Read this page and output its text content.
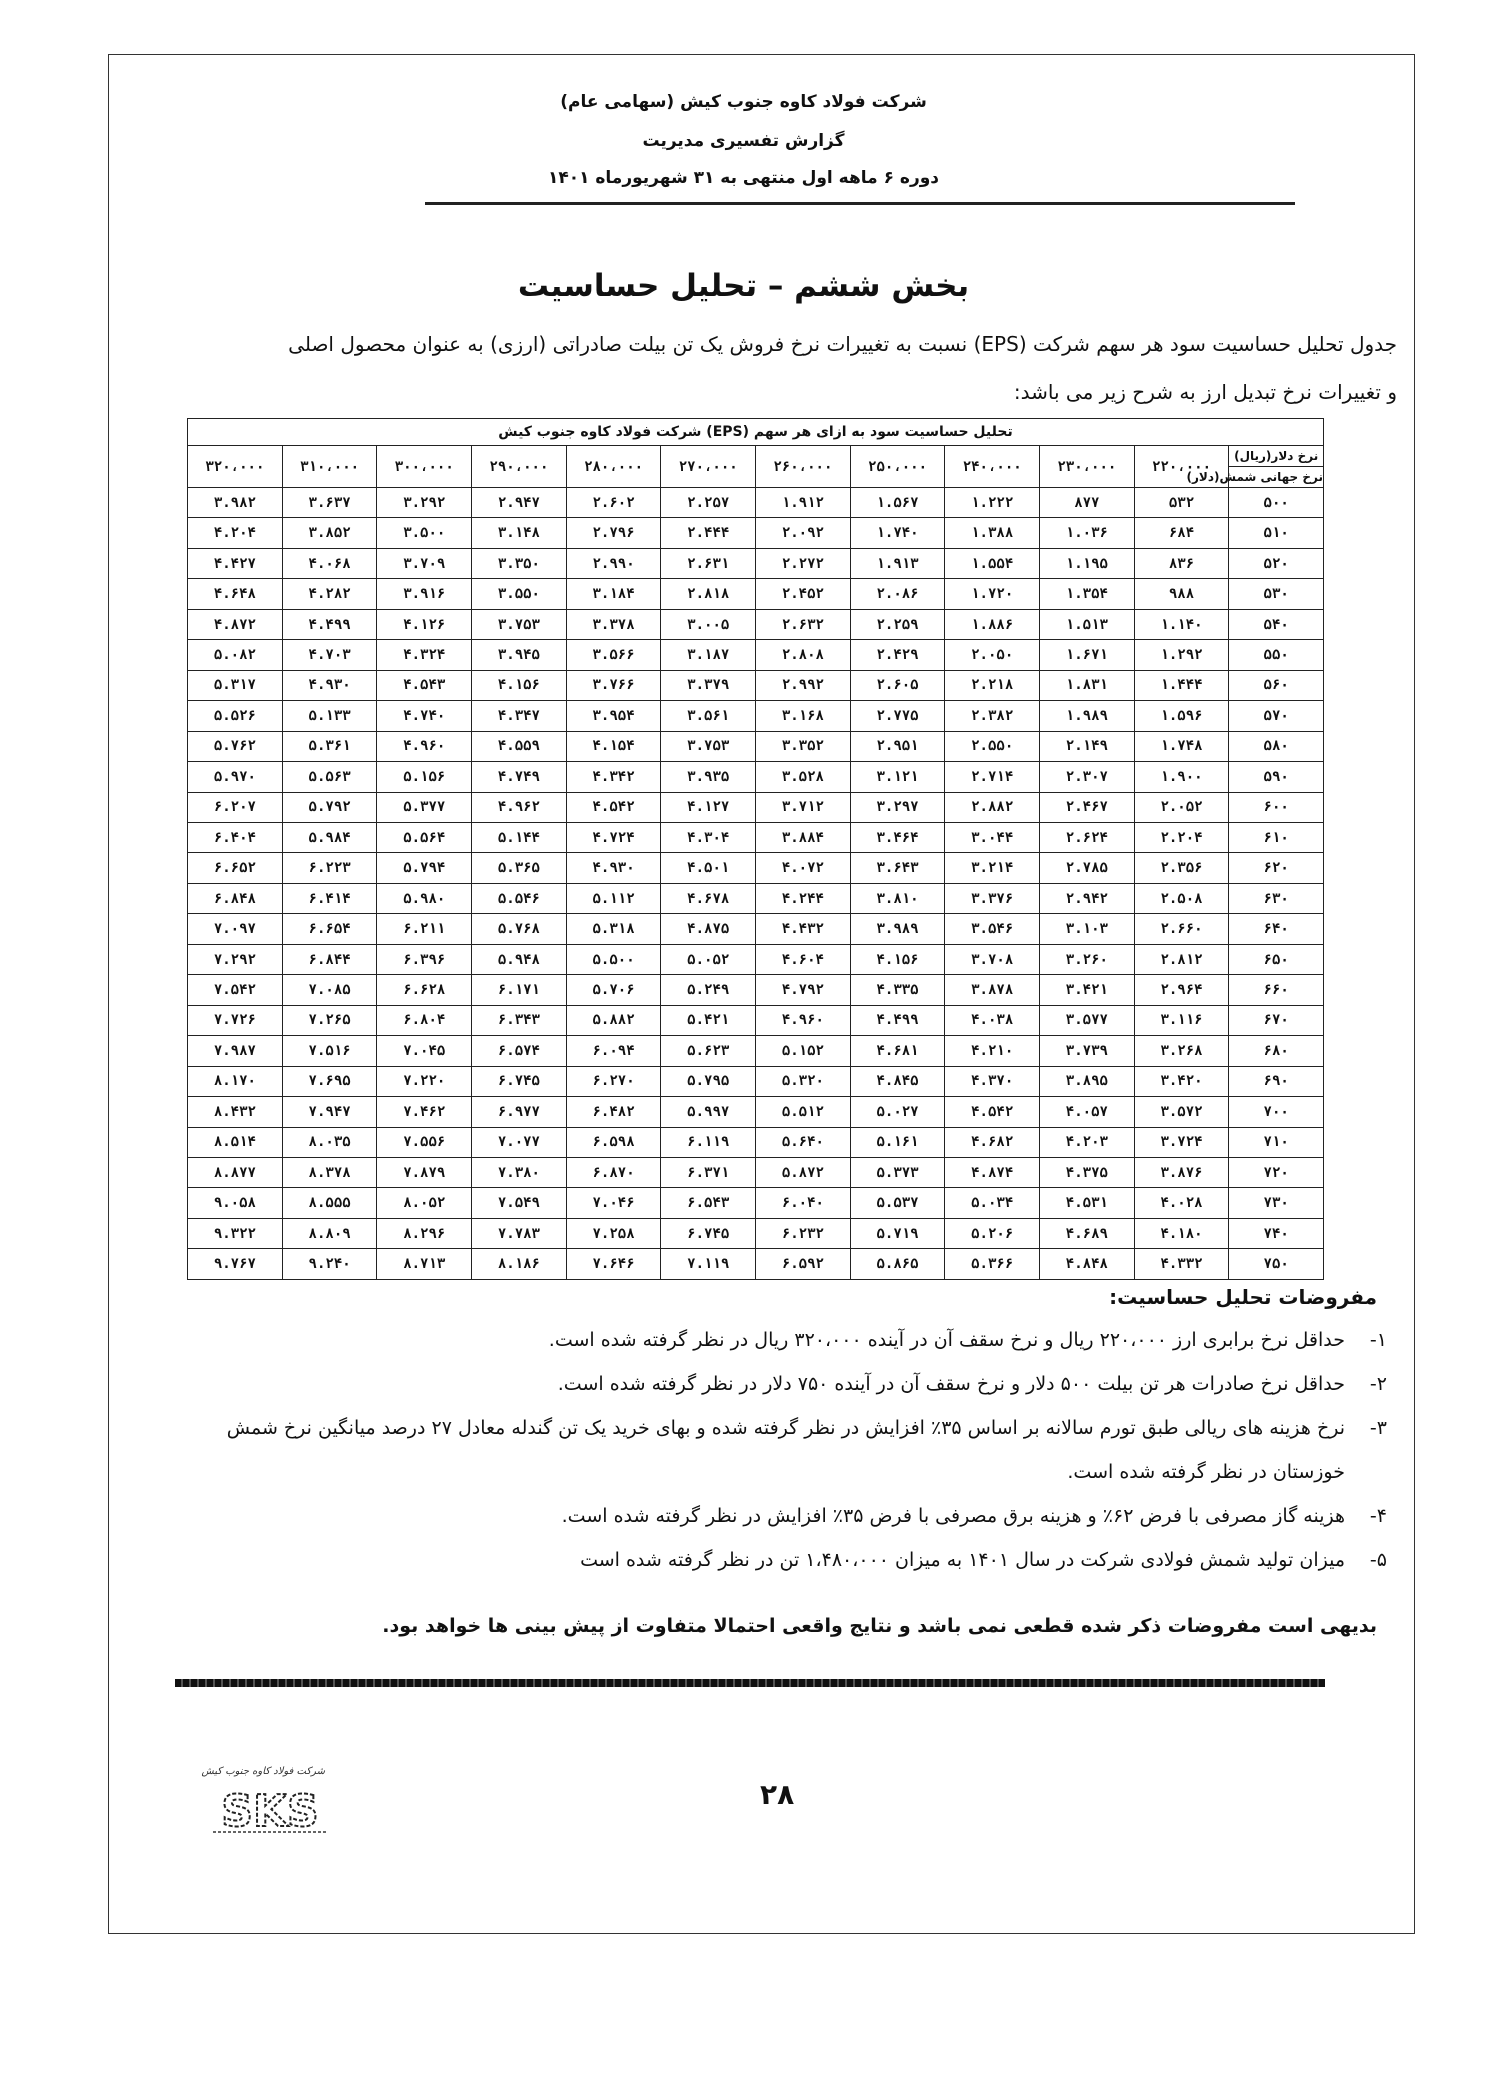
شرکت فولاد کاوه جنوب کیش (سهامی عام)
گزارش تفسیری مدیریت
دوره ۶ ماهه اول منتهی به ۳۱ شهریورماه ۱۴۰۱
بخش ششم – تحلیل حساسیت
جدول تحلیل حساسیت سود هر سهم شرکت (EPS) نسبت به تغییرات نرخ فروش یک تن بیلت صادراتی (ارزی) به عنوان محصول اصلی
و تغییرات نرخ تبدیل ارز به شرح زیر می باشد:
تحلیل حساسیت سود به ازای هر سهم (EPS) شرکت فولاد کاوه جنوب کیش											

نرخ دلار(ریال)
نرخ جهانی شمش(دلار)	۲۲۰،۰۰۰	۲۳۰،۰۰۰	۲۴۰،۰۰۰	۲۵۰،۰۰۰	۲۶۰،۰۰۰	۲۷۰،۰۰۰	۲۸۰،۰۰۰	۲۹۰،۰۰۰	۳۰۰،۰۰۰	۳۱۰،۰۰۰	۳۲۰،۰۰۰
۵۰۰	۵۳۲	۸۷۷	۱.۲۲۲	۱.۵۶۷	۱.۹۱۲	۲.۲۵۷	۲.۶۰۲	۲.۹۴۷	۳.۲۹۲	۳.۶۳۷	۳.۹۸۲
۵۱۰	۶۸۴	۱.۰۳۶	۱.۳۸۸	۱.۷۴۰	۲.۰۹۲	۲.۴۴۴	۲.۷۹۶	۳.۱۴۸	۳.۵۰۰	۳.۸۵۲	۴.۲۰۴
۵۲۰	۸۳۶	۱.۱۹۵	۱.۵۵۴	۱.۹۱۳	۲.۲۷۲	۲.۶۳۱	۲.۹۹۰	۳.۳۵۰	۳.۷۰۹	۴.۰۶۸	۴.۴۲۷
۵۳۰	۹۸۸	۱.۳۵۴	۱.۷۲۰	۲.۰۸۶	۲.۴۵۲	۲.۸۱۸	۳.۱۸۴	۳.۵۵۰	۳.۹۱۶	۴.۲۸۲	۴.۶۴۸
۵۴۰	۱.۱۴۰	۱.۵۱۳	۱.۸۸۶	۲.۲۵۹	۲.۶۳۲	۳.۰۰۵	۳.۳۷۸	۳.۷۵۳	۴.۱۲۶	۴.۴۹۹	۴.۸۷۲
۵۵۰	۱.۲۹۲	۱.۶۷۱	۲.۰۵۰	۲.۴۲۹	۲.۸۰۸	۳.۱۸۷	۳.۵۶۶	۳.۹۴۵	۴.۳۲۴	۴.۷۰۳	۵.۰۸۲
۵۶۰	۱.۴۴۴	۱.۸۳۱	۲.۲۱۸	۲.۶۰۵	۲.۹۹۲	۳.۳۷۹	۳.۷۶۶	۴.۱۵۶	۴.۵۴۳	۴.۹۳۰	۵.۳۱۷
۵۷۰	۱.۵۹۶	۱.۹۸۹	۲.۳۸۲	۲.۷۷۵	۳.۱۶۸	۳.۵۶۱	۳.۹۵۴	۴.۳۴۷	۴.۷۴۰	۵.۱۳۳	۵.۵۲۶
۵۸۰	۱.۷۴۸	۲.۱۴۹	۲.۵۵۰	۲.۹۵۱	۳.۳۵۲	۳.۷۵۳	۴.۱۵۴	۴.۵۵۹	۴.۹۶۰	۵.۳۶۱	۵.۷۶۲
۵۹۰	۱.۹۰۰	۲.۳۰۷	۲.۷۱۴	۳.۱۲۱	۳.۵۲۸	۳.۹۳۵	۴.۳۴۲	۴.۷۴۹	۵.۱۵۶	۵.۵۶۳	۵.۹۷۰
۶۰۰	۲.۰۵۲	۲.۴۶۷	۲.۸۸۲	۳.۲۹۷	۳.۷۱۲	۴.۱۲۷	۴.۵۴۲	۴.۹۶۲	۵.۳۷۷	۵.۷۹۲	۶.۲۰۷
۶۱۰	۲.۲۰۴	۲.۶۲۴	۳.۰۴۴	۳.۴۶۴	۳.۸۸۴	۴.۳۰۴	۴.۷۲۴	۵.۱۴۴	۵.۵۶۴	۵.۹۸۴	۶.۴۰۴
۶۲۰	۲.۳۵۶	۲.۷۸۵	۳.۲۱۴	۳.۶۴۳	۴.۰۷۲	۴.۵۰۱	۴.۹۳۰	۵.۳۶۵	۵.۷۹۴	۶.۲۲۳	۶.۶۵۲
۶۳۰	۲.۵۰۸	۲.۹۴۲	۳.۳۷۶	۳.۸۱۰	۴.۲۴۴	۴.۶۷۸	۵.۱۱۲	۵.۵۴۶	۵.۹۸۰	۶.۴۱۴	۶.۸۴۸
۶۴۰	۲.۶۶۰	۳.۱۰۳	۳.۵۴۶	۳.۹۸۹	۴.۴۳۲	۴.۸۷۵	۵.۳۱۸	۵.۷۶۸	۶.۲۱۱	۶.۶۵۴	۷.۰۹۷
۶۵۰	۲.۸۱۲	۳.۲۶۰	۳.۷۰۸	۴.۱۵۶	۴.۶۰۴	۵.۰۵۲	۵.۵۰۰	۵.۹۴۸	۶.۳۹۶	۶.۸۴۴	۷.۲۹۲
۶۶۰	۲.۹۶۴	۳.۴۲۱	۳.۸۷۸	۴.۳۳۵	۴.۷۹۲	۵.۲۴۹	۵.۷۰۶	۶.۱۷۱	۶.۶۲۸	۷.۰۸۵	۷.۵۴۲
۶۷۰	۳.۱۱۶	۳.۵۷۷	۴.۰۳۸	۴.۴۹۹	۴.۹۶۰	۵.۴۲۱	۵.۸۸۲	۶.۳۴۳	۶.۸۰۴	۷.۲۶۵	۷.۷۲۶
۶۸۰	۳.۲۶۸	۳.۷۳۹	۴.۲۱۰	۴.۶۸۱	۵.۱۵۲	۵.۶۲۳	۶.۰۹۴	۶.۵۷۴	۷.۰۴۵	۷.۵۱۶	۷.۹۸۷
۶۹۰	۳.۴۲۰	۳.۸۹۵	۴.۳۷۰	۴.۸۴۵	۵.۳۲۰	۵.۷۹۵	۶.۲۷۰	۶.۷۴۵	۷.۲۲۰	۷.۶۹۵	۸.۱۷۰
۷۰۰	۳.۵۷۲	۴.۰۵۷	۴.۵۴۲	۵.۰۲۷	۵.۵۱۲	۵.۹۹۷	۶.۴۸۲	۶.۹۷۷	۷.۴۶۲	۷.۹۴۷	۸.۴۳۲
۷۱۰	۳.۷۲۴	۴.۲۰۳	۴.۶۸۲	۵.۱۶۱	۵.۶۴۰	۶.۱۱۹	۶.۵۹۸	۷.۰۷۷	۷.۵۵۶	۸.۰۳۵	۸.۵۱۴
۷۲۰	۳.۸۷۶	۴.۳۷۵	۴.۸۷۴	۵.۳۷۳	۵.۸۷۲	۶.۳۷۱	۶.۸۷۰	۷.۳۸۰	۷.۸۷۹	۸.۳۷۸	۸.۸۷۷
۷۳۰	۴.۰۲۸	۴.۵۳۱	۵.۰۳۴	۵.۵۳۷	۶.۰۴۰	۶.۵۴۳	۷.۰۴۶	۷.۵۴۹	۸.۰۵۲	۸.۵۵۵	۹.۰۵۸
۷۴۰	۴.۱۸۰	۴.۶۸۹	۵.۲۰۶	۵.۷۱۹	۶.۲۳۲	۶.۷۴۵	۷.۲۵۸	۷.۷۸۳	۸.۲۹۶	۸.۸۰۹	۹.۳۲۲
۷۵۰	۴.۳۳۲	۴.۸۴۸	۵.۳۶۶	۵.۸۶۵	۶.۵۹۲	۷.۱۱۹	۷.۶۴۶	۸.۱۸۶	۸.۷۱۳	۹.۲۴۰	۹.۷۶۷
مفروضات تحلیل حساسیت:
۱-
حداقل نرخ برابری ارز ۲۲۰،۰۰۰ ریال و نرخ سقف آن در آینده ۳۲۰،۰۰۰ ریال در نظر گرفته شده است.
۲-
حداقل نرخ صادرات هر تن بیلت ۵۰۰ دلار و نرخ سقف آن در آینده ۷۵۰ دلار در نظر گرفته شده است.
۳-
نرخ هزینه های ریالی طبق تورم سالانه بر اساس ۳۵٪ افزایش در نظر گرفته شده و بهای خرید یک تن گندله معادل ۲۷ درصد میانگین نرخ شمش خوزستان در نظر گرفته شده است.
۴-
هزینه گاز مصرفی با فرض ۶۲٪ و هزینه برق مصرفی با فرض ۳۵٪ افزایش در نظر گرفته شده است.
۵-
میزان تولید شمش فولادی شرکت در سال ۱۴۰۱ به میزان ۱،۴۸۰،۰۰۰ تن در نظر گرفته شده است
بدیهی است مفروضات ذکر شده قطعی نمی باشد و نتایج واقعی احتمالا متفاوت از پیش بینی ها خواهد بود.
شرکت فولاد کاوه جنوب کیش
SKS	۲۸
